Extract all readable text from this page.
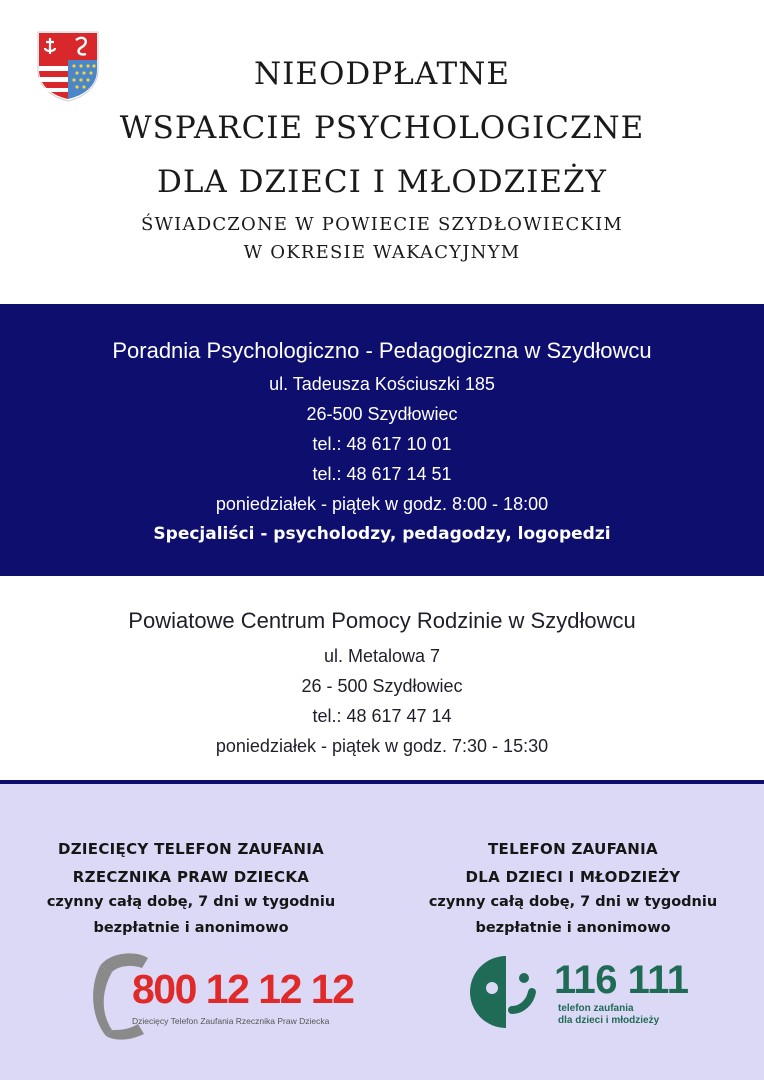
NIEODPŁATNE
WSPARCIE PSYCHOLOGICZNE
DLA DZIECI I MŁODZIEŻY
ŚWIADCZONE W POWIECIE SZYDŁOWIECKIM
W OKRESIE WAKACYJNYM
Poradnia Psychologiczno - Pedagogiczna w Szydłowcu
ul. Tadeusza Kościuszki 185
26-500 Szydłowiec
tel.: 48 617 10 01
tel.: 48 617 14 51
poniedziałek - piątek w godz. 8:00 - 18:00
Specjaliści - psycholodzy, pedagodzy, logopedzi
Powiatowe Centrum Pomocy Rodzinie w Szydłowcu
ul. Metalowa 7
26 - 500 Szydłowiec
tel.: 48 617 47 14
poniedziałek - piątek w godz. 7:30 - 15:30
DZIECIĘCY TELEFON ZAUFANIA
RZECZNIKA PRAW DZIECKA
czynny całą dobę, 7 dni w tygodniu
bezpłatnie i anonimowo
800 12 12 12
Dziecięcy Telefon Zaufania Rzecznika Praw Dziecka
TELEFON ZAUFANIA
DLA DZIECI I MŁODZIEŻY
czynny całą dobę, 7 dni w tygodniu
bezpłatnie i anonimowo
116 111
telefon zaufania
dla dzieci i młodzieży
